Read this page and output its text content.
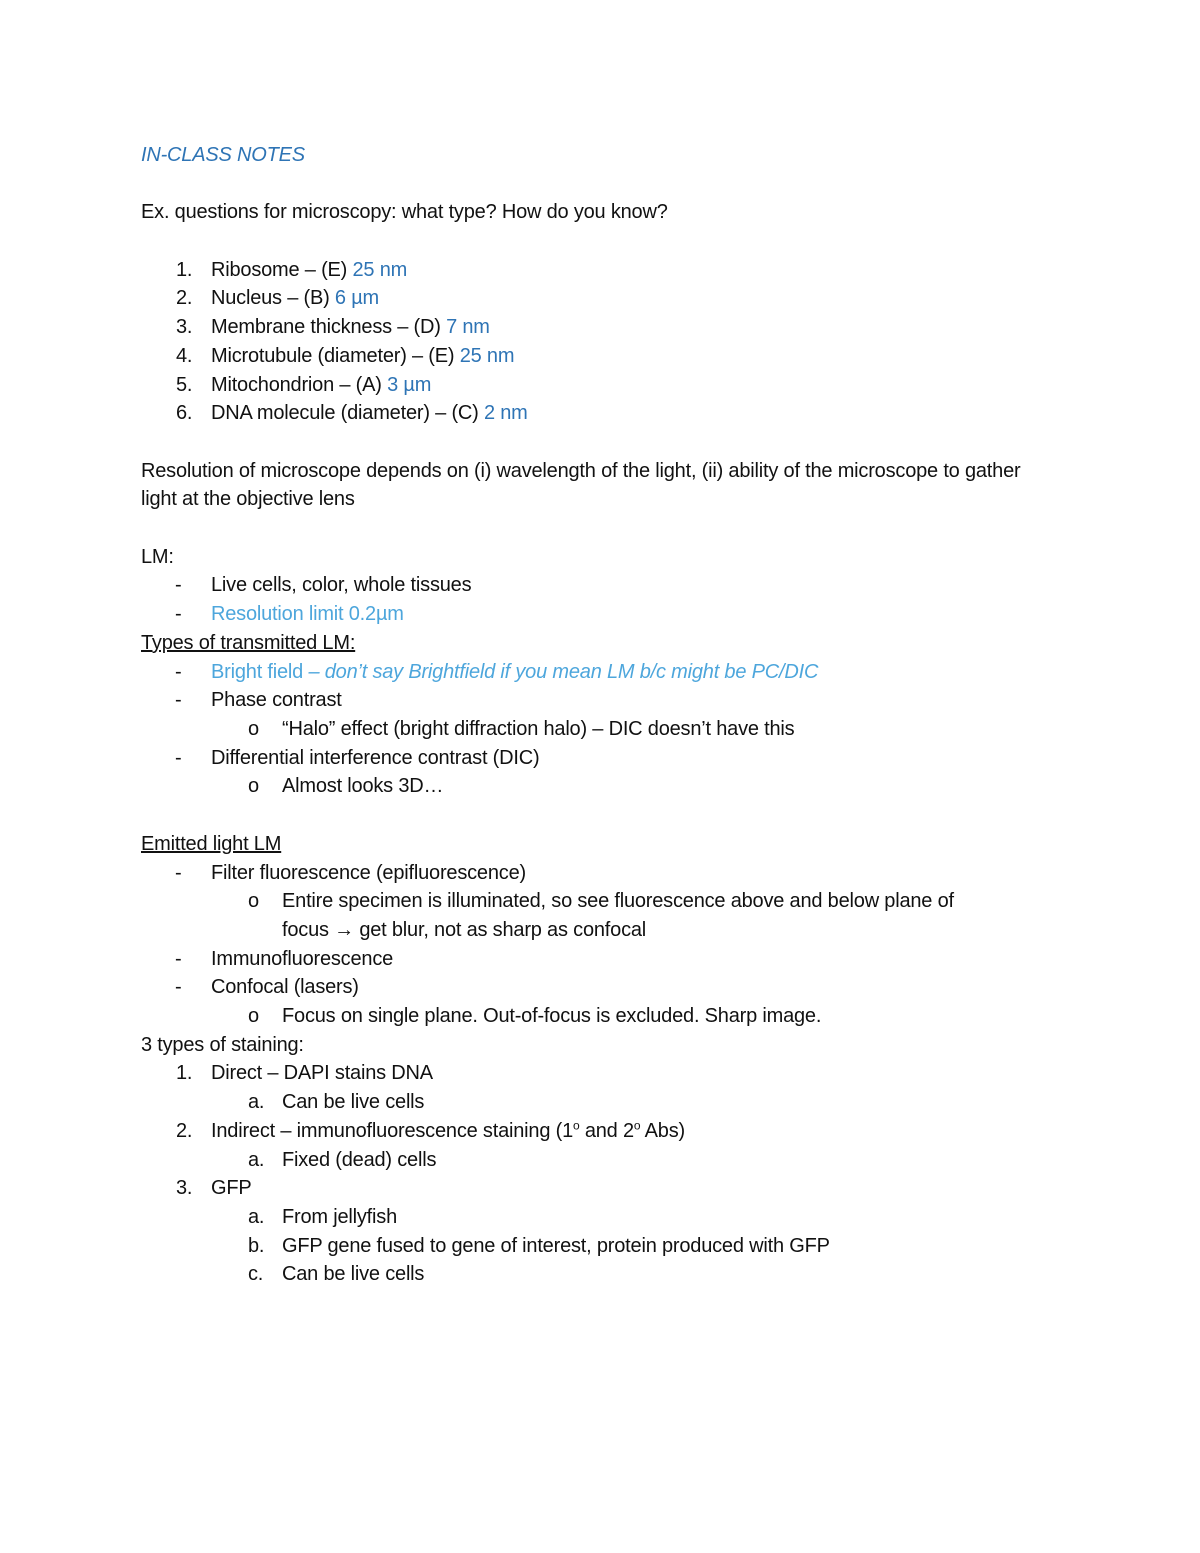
IN-CLASS NOTES
Ex. questions for microscopy: what type? How do you know?
1. Ribosome – (E) 25 nm
2. Nucleus – (B) 6 µm
3. Membrane thickness – (D) 7 nm
4. Microtubule (diameter) – (E) 25 nm
5. Mitochondrion – (A) 3 µm
6. DNA molecule (diameter) – (C) 2 nm
Resolution of microscope depends on (i) wavelength of the light, (ii) ability of the microscope to gather light at the objective lens
LM:
- Live cells, color, whole tissues
- Resolution limit 0.2µm
Types of transmitted LM:
- Bright field – don’t say Brightfield if you mean LM b/c might be PC/DIC
- Phase contrast
o “Halo” effect (bright diffraction halo) – DIC doesn’t have this
- Differential interference contrast (DIC)
o Almost looks 3D…
Emitted light LM
- Filter fluorescence (epifluorescence)
o Entire specimen is illuminated, so see fluorescence above and below plane of
focus → get blur, not as sharp as confocal
- Immunofluorescence
- Confocal (lasers)
o Focus on single plane. Out-of-focus is excluded. Sharp image.
3 types of staining:
1. Direct – DAPI stains DNA
a. Can be live cells
2. Indirect – immunofluorescence staining (1$^o$ and 2$^o$ Abs)
a. Fixed (dead) cells
3. GFP
a. From jellyfish
b. GFP gene fused to gene of interest, protein produced with GFP
c. Can be live cells
